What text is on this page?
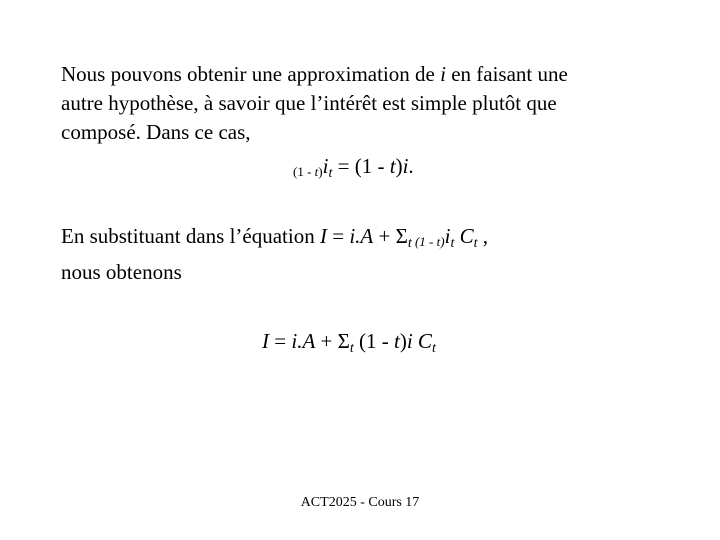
Nous pouvons obtenir une approximation de i en faisant une
autre hypothèse, à savoir que l’intérêt est simple plutôt que
composé. Dans ce cas,
$(1 - t)i_t = (1 - t)i$.
En substituant dans l’équation $I = i.A + \Sigma_t$ $(1 - t)i_t$ $C_t$ ,
nous obtenons
$I = i.A + \Sigma_t$ (1 - t)i $C_t$
ACT2025 - Cours 17
